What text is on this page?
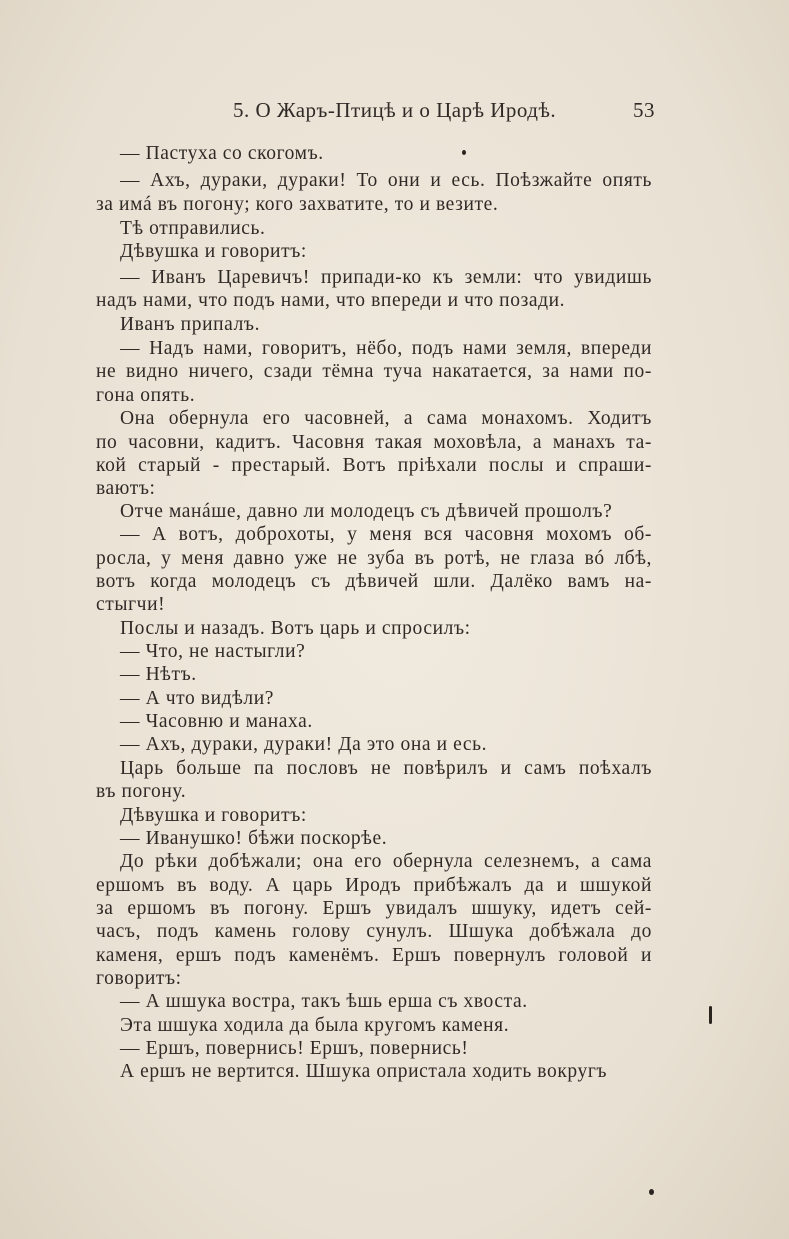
5. О Жаръ-Птицѣ и о Царѣ Иродѣ.	53
— Пастуха со скогомъ.
— Ахъ, дураки, дураки! То они и есь. Поѣзжайте опять
за имá въ погону; кого захватите, то и везите.
Тѣ отправились.
Дѣвушка и говоритъ:
— Иванъ Царевичъ! припади-ко къ земли: что увидишь
надъ нами, что подъ нами, что впереди и что позади.
Иванъ припалъ.
— Надъ нами, говоритъ, нёбо, подъ нами земля, впереди
не видно ничего, сзади тёмна туча накатается, за нами по-
гона опять.
Она обернула его часовней, а сама монахомъ. Ходитъ
по часовни, кадитъ. Часовня такая моховѣла, а манахъ та-
кой старый - престарый. Вотъ пріѣхали послы и спраши-
ваютъ:
Отче манáше, давно ли молодецъ съ дѣвичей прошолъ?
— А вотъ, доброхоты, у меня вся часовня мохомъ об-
росла, у меня давно уже не зуба въ ротѣ, не глаза вó лбѣ,
вотъ когда молодецъ съ дѣвичей шли. Далёко вамъ на-
стыгчи!
Послы и назадъ. Вотъ царь и спросилъ:
— Что, не настыгли?
— Нѣтъ.
— А что видѣли?
— Часовню и манаха.
— Ахъ, дураки, дураки! Да это она и есь.
Царь больше па пословъ не повѣрилъ и самъ поѣхалъ
въ погону.
Дѣвушка и говоритъ:
— Иванушко! бѣжи поскорѣе.
До рѣки добѣжали; она его обернула селезнемъ, а сама
ершомъ въ воду. А царь Иродъ прибѣжалъ да и шшукой
за ершомъ въ погону. Ершъ увидалъ шшуку, идетъ сей-
часъ, подъ камень голову сунулъ. Шшука добѣжала до
каменя, ершъ подъ каменёмъ. Ершъ повернулъ головой и
говоритъ:
— А шшука востра, такъ ѣшь ерша съ хвоста.
Эта шшука ходила да была кругомъ каменя.
— Ершъ, повернись! Ершъ, повернись!
А ершъ не вертится. Шшука опристала ходить вокругъ
